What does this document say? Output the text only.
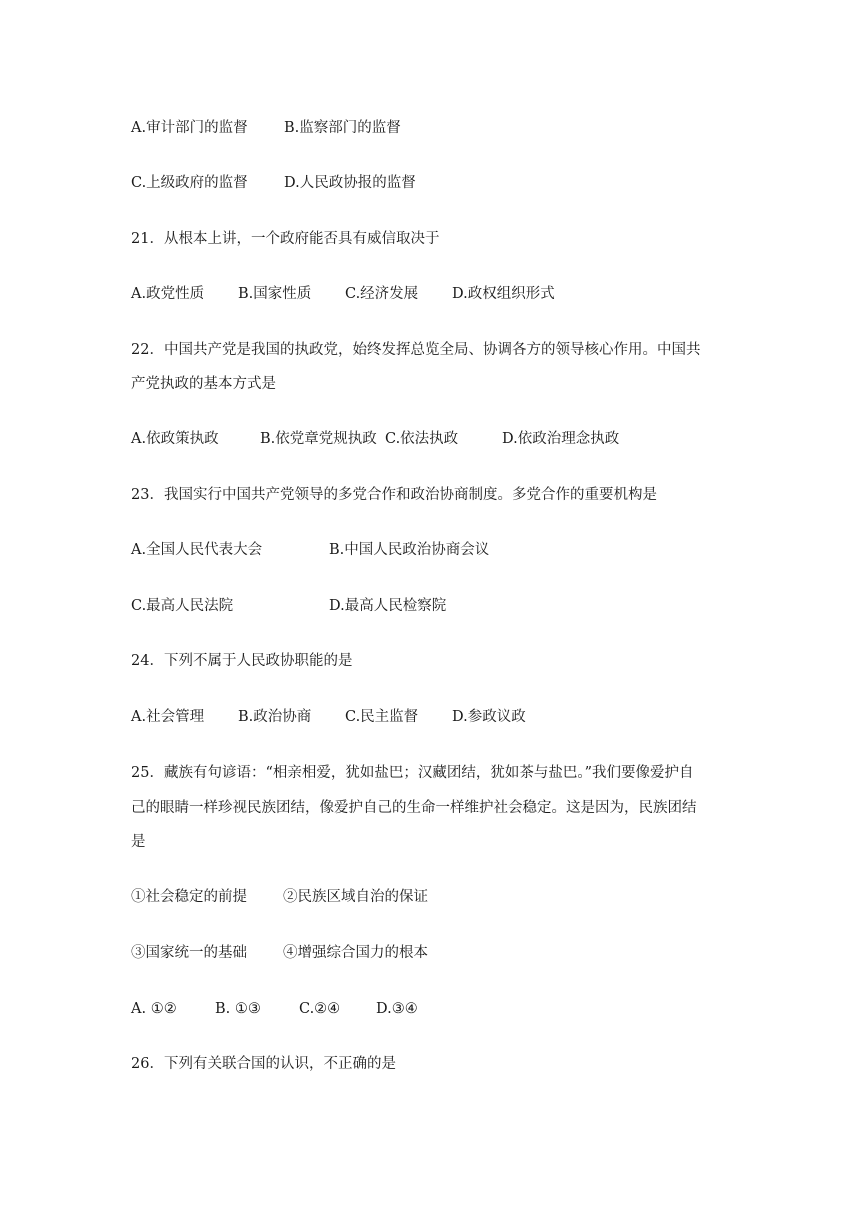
A.审计部门的监督	B.监察部门的监督
C.上级政府的监督	D.人民政协报的监督
21．从根本上讲，一个政府能否具有威信取决于
A.政党性质 B.国家性质 C.经济发展 D.政权组织形式
22．中国共产党是我国的执政党，始终发挥总览全局、协调各方的领导核心作用。中国共
产党执政的基本方式是
A.依政策执政	B.依党章党规执政 C.依法执政	D.依政治理念执政
23．我国实行中国共产党领导的多党合作和政治协商制度。多党合作的重要机构是
A.全国人民代表大会	B.中国人民政治协商会议
C.最高人民法院	D.最高人民检察院
24．下列不属于人民政协职能的是
A.社会管理 B.政治协商 C.民主监督 D.参政议政
25．藏族有句谚语：“相亲相爱，犹如盐巴；汉藏团结，犹如茶与盐巴。”我们要像爱护自
己的眼睛一样珍视民族团结，像爱护自己的生命一样维护社会稳定。这是因为，民族团结
是
①社会稳定的前提 ②民族区域自治的保证
③国家统一的基础 ④增强综合国力的根本
A. ①②	B. ①③	C.②④ D.③④
26．下列有关联合国的认识，不正确的是
